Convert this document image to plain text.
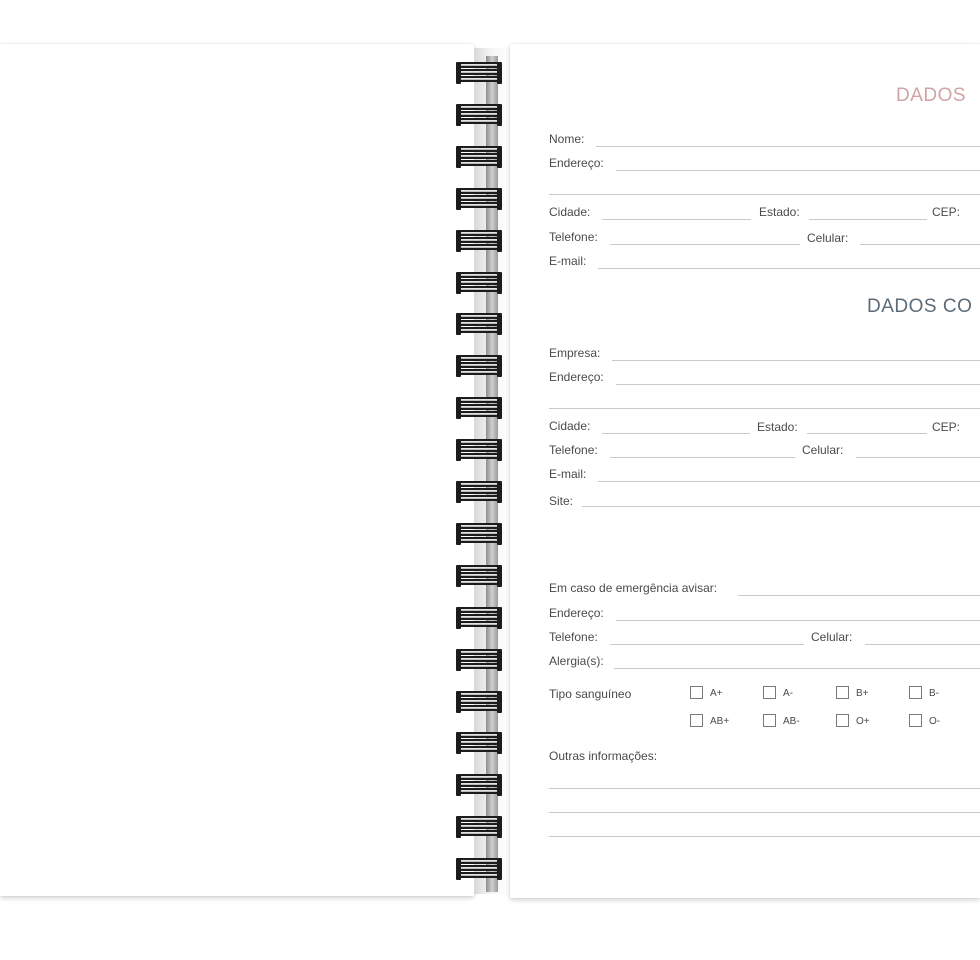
DADOS
Nome:
Endereço:
Cidade:	Estado:	CEP:
Telefone:	Celular:
E-mail:
DADOS CO
Empresa:
Endereço:
Cidade:	Estado:	CEP:
Telefone:	Celular:
E-mail:
Site:
Em caso de emergência avisar:
Endereço:
Telefone:	Celular:
Alergia(s):
Tipo sanguíneo	A+	A-	B+	B-
AB+	AB-	O+	O-
Outras informações:
